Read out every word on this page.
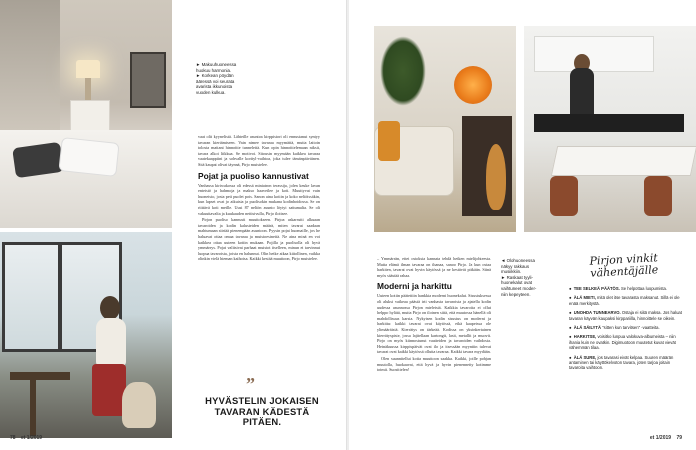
► Makuuhuoneessa
huokuu harmonia.
► Korkean pöydän
ääressä voi seurata
avarista ikkunoista
vuoden kulkua.

vaat olit kyynelistä. Lähteille asuntoa kirppistori oli ennustanut syntyy tavaran kiertämiseen. Vain nimee tavaraa myymättä, mutta laitoin tolosta mattani hinnoitte tunneleitä. Kun opin hinnoittelemaan niksit, tavara alkoi liikkua. Se motivoi. Sitousin myymään kaikkea tavaraa vaatekaappiini ja sohvalle korityl-vaihtoa, joka tulee tämänpäiväinen. Sitä kaupat olivat täynnä, Pirjo muistelee.

Pojat ja puoliso kannustivat

Vanhassa kiriwakossa oli edessä miniatron terassija, jolen keuke lavan enteistö ja hahmoja ja makso haaveilee ja koti. Muuttyvat vain huoneisto, josta peti puolet pois. Sanon aina kotiin ja koko neliöissäkin, kun lapset ovat jo aikuisia ja puolisokin mukana kodinhoidossa. Se on riittävä koti meille. Uusi 87 neliön asunto löytyi sattumalta. Se oli vakuuttavalta ja kuukauden nettisivulla, Pirjo iloitsee.

Pirjon puoliso kannusti muuttokseen. Pirjoa askarrutti alkuaan tavaroiden ja kodin kalusteiden määrä, miten tavarat saadaan mahtumaan siirtää pienempään asuntoon. Pyysin pojat huomaille, jos he haluavat ottaa omaa tavaraa ja muistoesineitä. Ne aina minä en voi kaikkea ottaa uuteen kotiin mukaan. Pojilla ja puolisolla oli hyvä ymmärrys. Pojat valitsivat parhaat muistot itselleen, minun ei tarvinnut luopua tavaroista, joista en halunnut. Olin hetke aikaa kiitollinen, vaikka olinkin vielä hieman kaihoisa. Kaikki kestää muuttoon, Pirjo muistelee.

”
HYVÄSTELIN JOKAISEN TAVARAN KÄDESTÄ PITÄEN.
78 et 1/2019
◄ Olohuoneessa
näkyy rakkaus
musiikkiin.
► Raskaat tyyli-
huonekalut ovat
vaihtuneet moder-
niin kepeyteen.

– Ymmärrän, ettei ostoksia kannata tehdä hetken mielijohteesta. Mutta elämä ilman tavaraa on ihanaa, sanoo Pirjo. Ja kun ostaa harkiten, tavarat ovat hyvin käytössä ja ne kestävät pitkään. Siinä myös säästää rahaa.

Moderni ja harkittu

Uuteen kotiin päätettiin hankkia moderni huonekalut. Sisustuksessa oli aluksi vaikeaa päästä irti vanhasta tavaroista ja ajatella kodin uudessa asunnossa Pirjon mieleistä. Kaikkia tavaroita ei ollut helppo hylätä, mutta Pirjo on iloinen siitä, että muutossa hänellä oli mahdollisuus karsia. Nykyisen kodin sisustus on moderni ja harkittu: kaikki tavarat ovat käytössä, eikä kaapeissa ole ylimääräistä. Kierrätys on tärkeää. Kodissa on yksinkertainen kierrätyspiste, jossa lajitellaan kartongit, lasit, metallit ja muovit. Pirjo on myös kiinnostunut vaatteiden ja tavaroiden vaihdosta. Heinäkuussa kirppispäivät ovat ilo ja itsessään myyntiin tulevat tavarat ovat kaikki käytössä ollutta tavaraa. Kaikki tavara myydään.

Olen suunnitellut kotia muuttoon saakka. Kaikki, joille pohjan muutolla, huokaavat, että hyvä ja hyvin pienennetty kotimme toimii. Suosittelen!

Pirjon vinkit vähentäjälle
● TEE SELKEÄ PÄÄTÖS. Se helpottaa luopumista.
● ÄLÄ MIETI, mitä olet itse tavarasta maksanut. Sillä ei ole enää merkitystä.
● UNOHDA TUNNEARVO. Ostaja ei siitä maksa. Jos haluat tavaran käyvän kaupaksi kirppariilla, hinnoittele se oikein.
● ÄLÄ SÄILYTÄ "sitten kun tarvitsen" -vaatteita.
● HARKITSE, voisitko lunpua valokuva-albumeista – niin ihania kuin ne ovatkin. Digimuotoon muutetut kuvat vievät vähemmän tilaa.
● ÄLÄ SURE, jos tavarasi eivät kelpaa. Suuren määrän antaminen tai käyttökelvoton tavara, joten tarjoa joitain tavaroita vaihtoon.
et 1/2019 79
